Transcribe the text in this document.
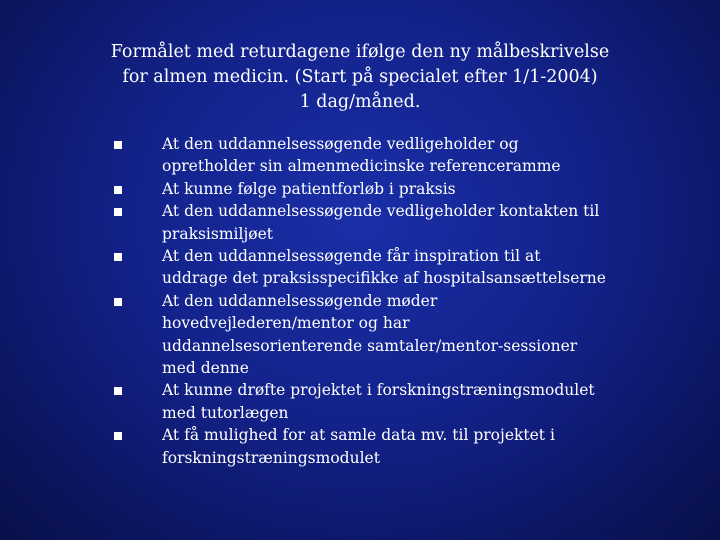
Formålet med returdagene ifølge den ny målbeskrivelse
for almen medicin. (Start på specialet efter 1/1-2004)
1 dag/måned.
At den uddannelsessøgende vedligeholder og
opretholder sin almenmedicinske referenceramme
At kunne følge patientforløb i praksis
At den uddannelsessøgende vedligeholder kontakten til
praksismiljøet
At den uddannelsessøgende får inspiration til at
uddrage det praksisspecifikke af hospitalsansættelserne
At den uddannelsessøgende møder
hovedvejlederen/mentor og har
uddannelsesorienterende samtaler/mentor-sessioner
med denne
At kunne drøfte projektet i forskningstræningsmodulet
med tutorlægen
At få mulighed for at samle data mv. til projektet i
forskningstræningsmodulet
